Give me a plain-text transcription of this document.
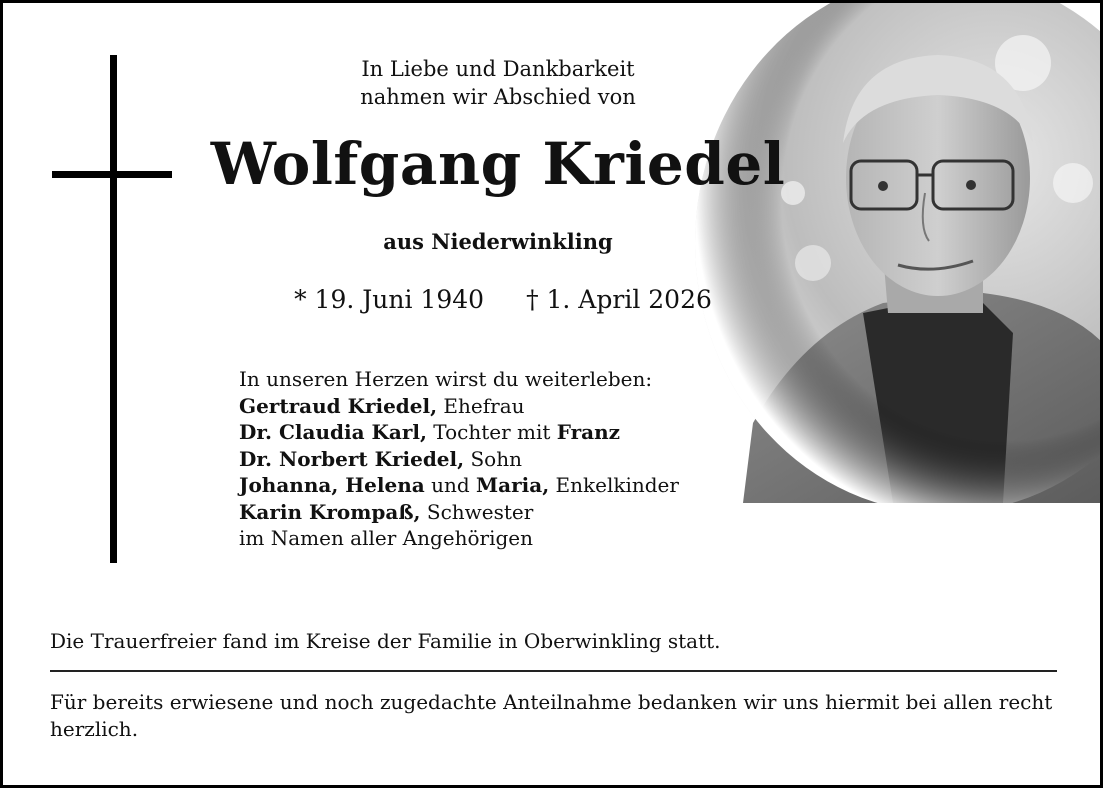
In Liebe und Dankbarkeit
nahmen wir Abschied von
Wolfgang Kriedel
aus Niederwinkling
* 19. Juni 1940 † 1. April 2026
In unseren Herzen wirst du weiterleben:
Gertraud Kriedel, Ehefrau
Dr. Claudia Karl, Tochter mit Franz
Dr. Norbert Kriedel, Sohn
Johanna, Helena und Maria, Enkelkinder
Karin Krompaß, Schwester
im Namen aller Angehörigen
Die Trauerfreier fand im Kreise der Familie in Oberwinkling statt.
Für bereits erwiesene und noch zugedachte Anteilnahme bedanken wir uns hiermit bei allen recht herzlich.
